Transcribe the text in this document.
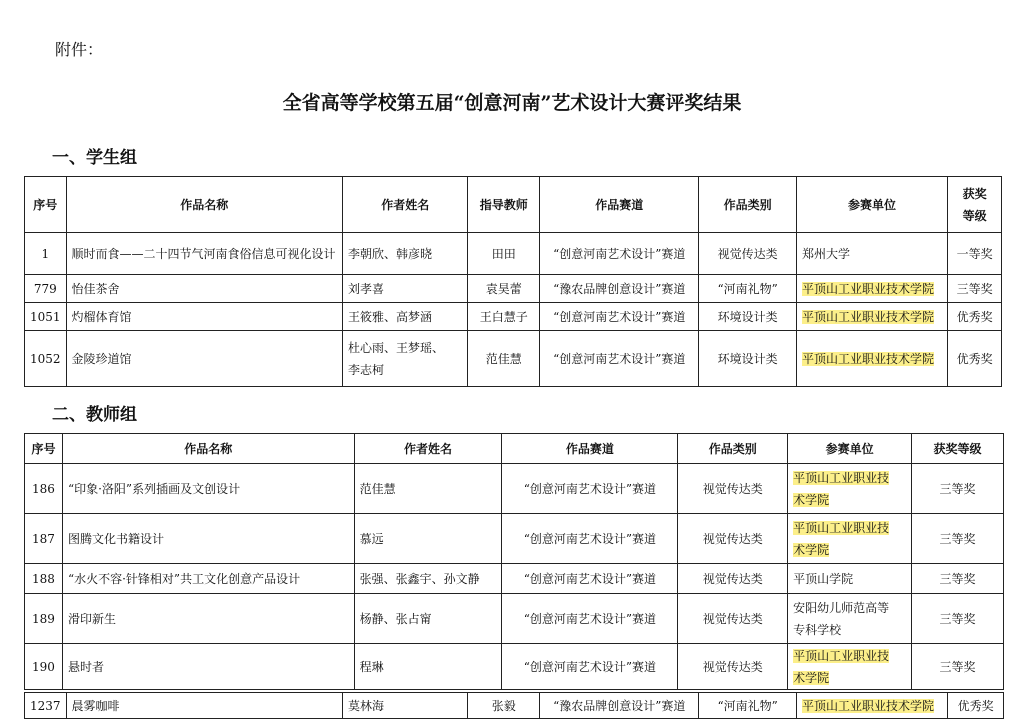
附件：
全省高等学校第五届“创意河南”艺术设计大赛评奖结果
一、学生组
序号	作品名称	作者姓名	指导教师	作品赛道	作品类别	参赛单位	获奖
等级

1	顺时而食——二十四节气河南食俗信息可视化设计	李朝欣、韩彦晓	田田	“创意河南艺术设计”赛道	视觉传达类	郑州大学	一等奖
779	怡佳茶舍	刘孝喜	袁昊蕾	“豫农品牌创意设计”赛道	“河南礼物”	平顶山工业职业技术学院	三等奖
1051	灼榴体育馆	王筱雅、高梦涵	王白慧子	“创意河南艺术设计”赛道	环境设计类	平顶山工业职业技术学院	优秀奖
1052	金陵珍道馆	杜心雨、王梦瑶、
李志柯	范佳慧	“创意河南艺术设计”赛道	环境设计类	平顶山工业职业技术学院	优秀奖
二、教师组
序号	作品名称	作者姓名	作品赛道	作品类别	参赛单位	获奖等级
186	“印象·洛阳”系列插画及文创设计	范佳慧	“创意河南艺术设计”赛道	视觉传达类	平顶山工业职业技
术学院	三等奖
187	图腾文化书籍设计	慕远	“创意河南艺术设计”赛道	视觉传达类	平顶山工业职业技
术学院	三等奖
188	“水火不容·针锋相对”共工文化创意产品设计	张强、张鑫宇、孙文静	“创意河南艺术设计”赛道	视觉传达类	平顶山学院	三等奖
189	滑印新生	杨静、张占甯	“创意河南艺术设计”赛道	视觉传达类	安阳幼儿师范高等
专科学校	三等奖
190	悬时者	程琳	“创意河南艺术设计”赛道	视觉传达类	平顶山工业职业技
术学院	三等奖
1237	晨雾咖啡	莫林海	张毅	“豫农品牌创意设计”赛道	“河南礼物”	平顶山工业职业技术学院	优秀奖
